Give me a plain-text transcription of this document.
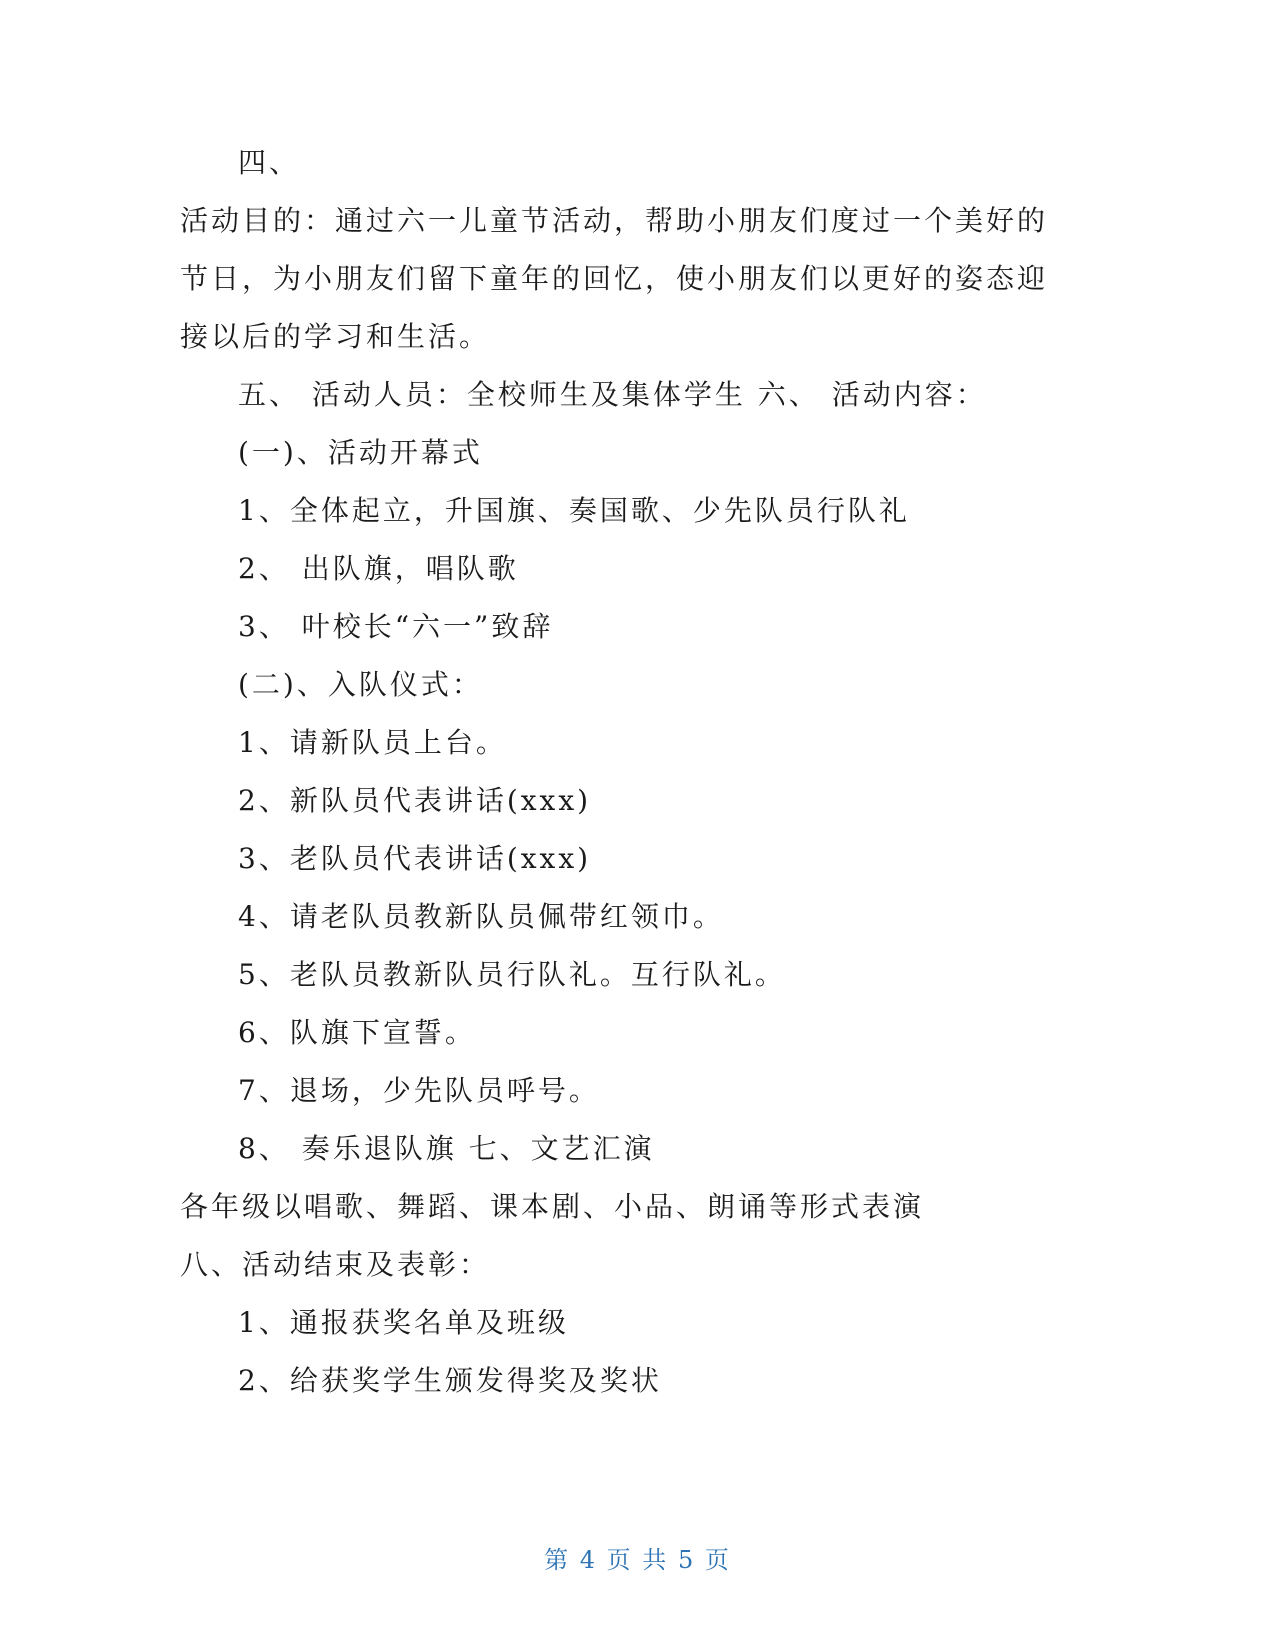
四、
活动目的：通过六一儿童节活动，帮助小朋友们度过一个美好的
节日，为小朋友们留下童年的回忆，使小朋友们以更好的姿态迎
接以后的学习和生活。
五、 活动人员：全校师生及集体学生 六、 活动内容：
(一)、活动开幕式
1、全体起立，升国旗、奏国歌、少先队员行队礼
2、 出队旗，唱队歌
3、 叶校长“六一”致辞
(二)、入队仪式：
1、请新队员上台。
2、新队员代表讲话(xxx)
3、老队员代表讲话(xxx)
4、请老队员教新队员佩带红领巾。
5、老队员教新队员行队礼。互行队礼。
6、队旗下宣誓。
7、退场，少先队员呼号。
8、 奏乐退队旗 七、文艺汇演
各年级以唱歌、舞蹈、课本剧、小品、朗诵等形式表演
八、活动结束及表彰：
1、通报获奖名单及班级
2、给获奖学生颁发得奖及奖状
第 4 页 共 5 页
